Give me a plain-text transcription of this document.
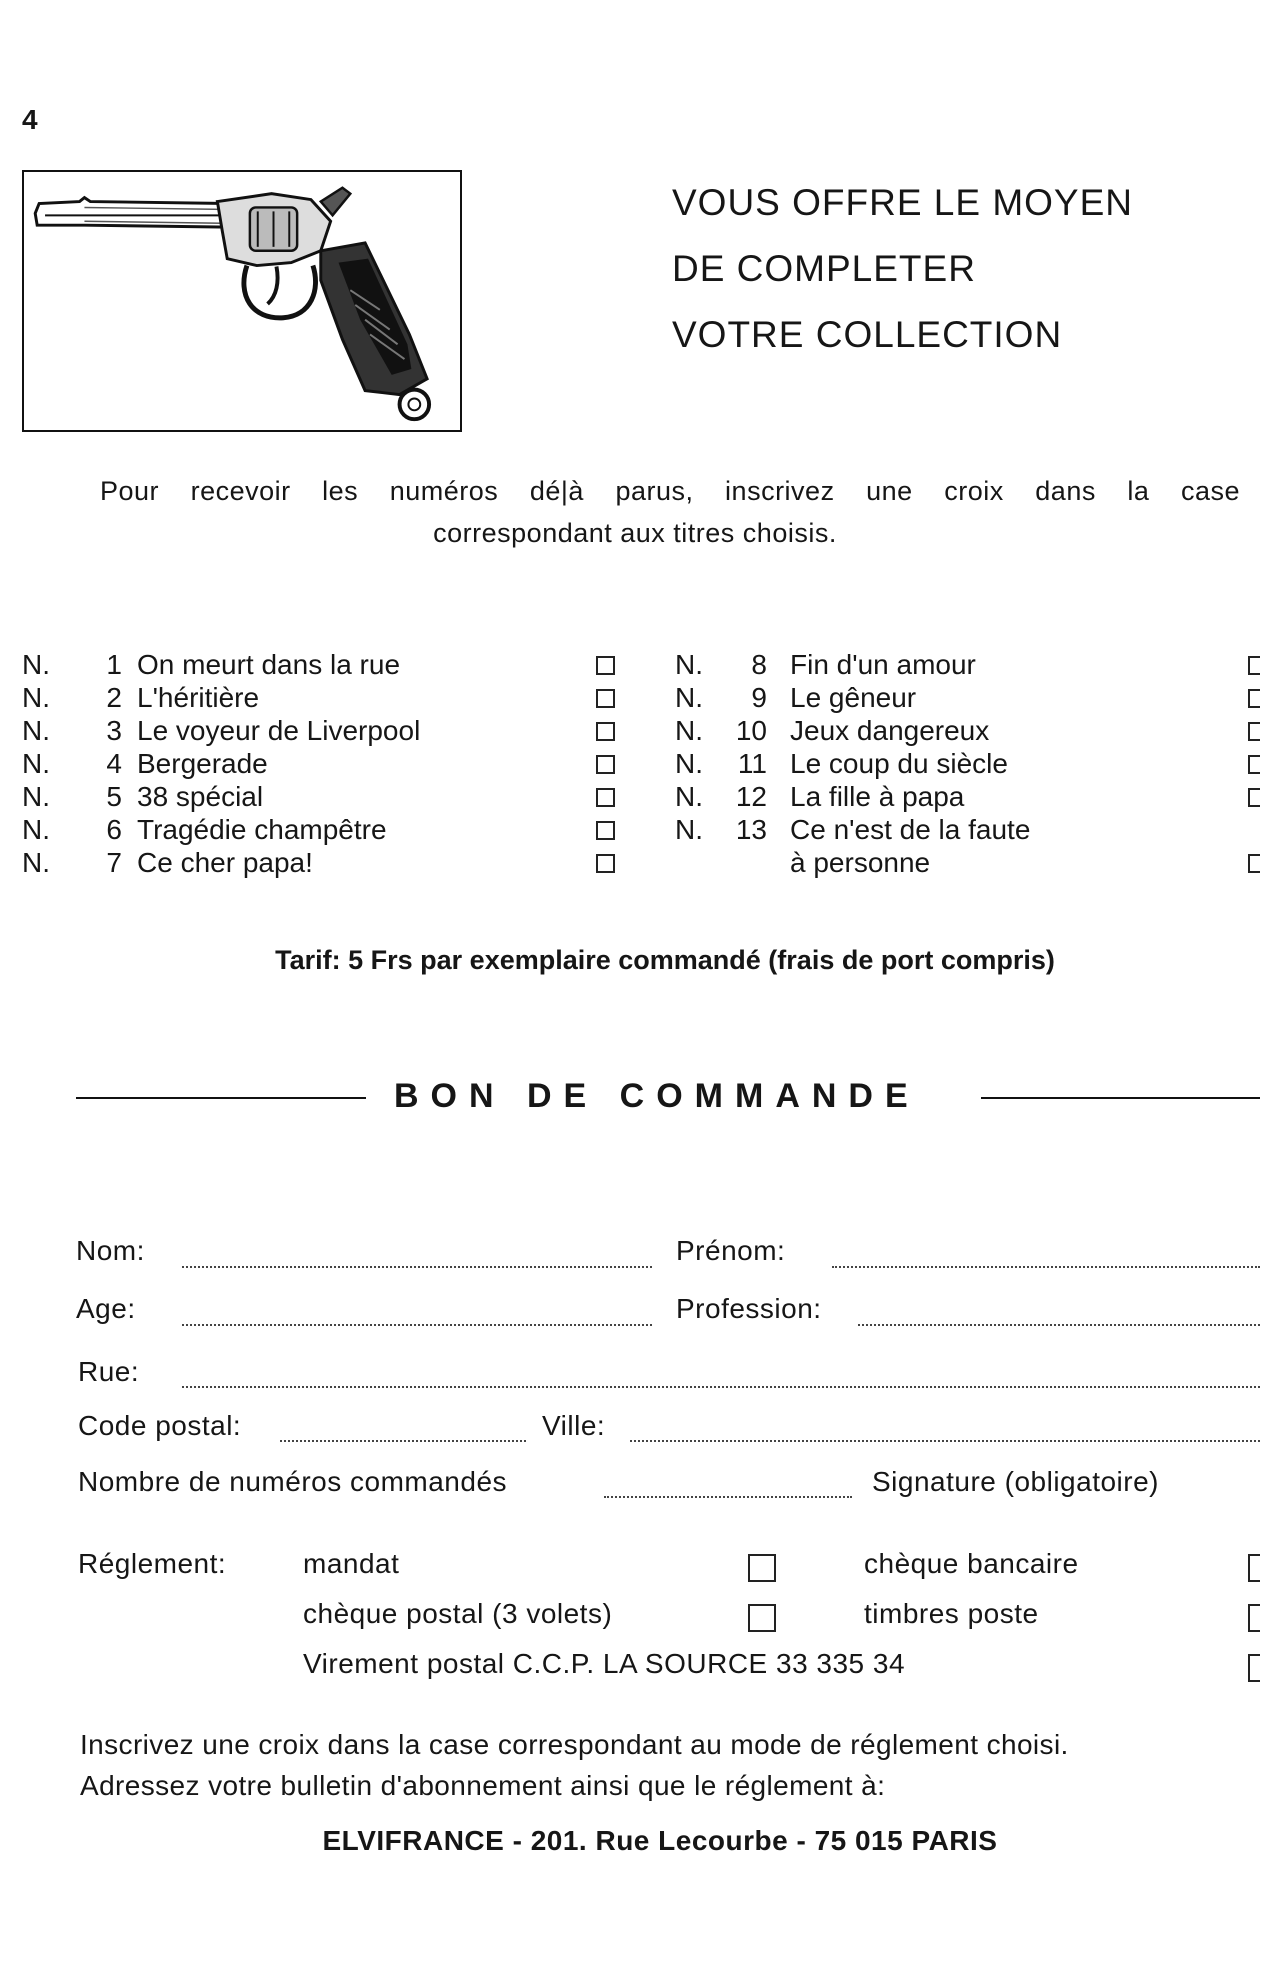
4
VOUS OFFRE LE MOYEN
DE COMPLETER
VOTRE COLLECTION
Pour recevoir les numéros dé|à parus, inscrivez une croix dans la case
correspondant aux titres choisis.
N.	1 On meurt dans la rue
N.	2 L'héritière
N.	3 Le voyeur de Liverpool
N.	4 Bergerade
N.	5 38 spécial
N.	6 Tragédie champêtre
N.	7 Ce cher papa!
N.	8 Fin d'un amour
N.	9 Le gêneur
N.	10 Jeux dangereux
N.	11 Le coup du siècle
N.	12 La fille à papa
N.	13 Ce n'est de la faute
à personne
Tarif: 5 Frs par exemplaire commandé (frais de port compris)
BON DE COMMANDE
Nom:	Prénom:
Age:	Profession:
Rue:
Code postal:	Ville:
Nombre de numéros commandés	Signature (obligatoire)
Réglement:	mandat	chèque bancaire
chèque postal (3 volets)	timbres poste
Virement postal C.C.P. LA SOURCE 33 335 34
Inscrivez une croix dans la case correspondant au mode de réglement choisi.
Adressez votre bulletin d'abonnement ainsi que le réglement à:
ELVIFRANCE - 201. Rue Lecourbe - 75 015 PARIS
